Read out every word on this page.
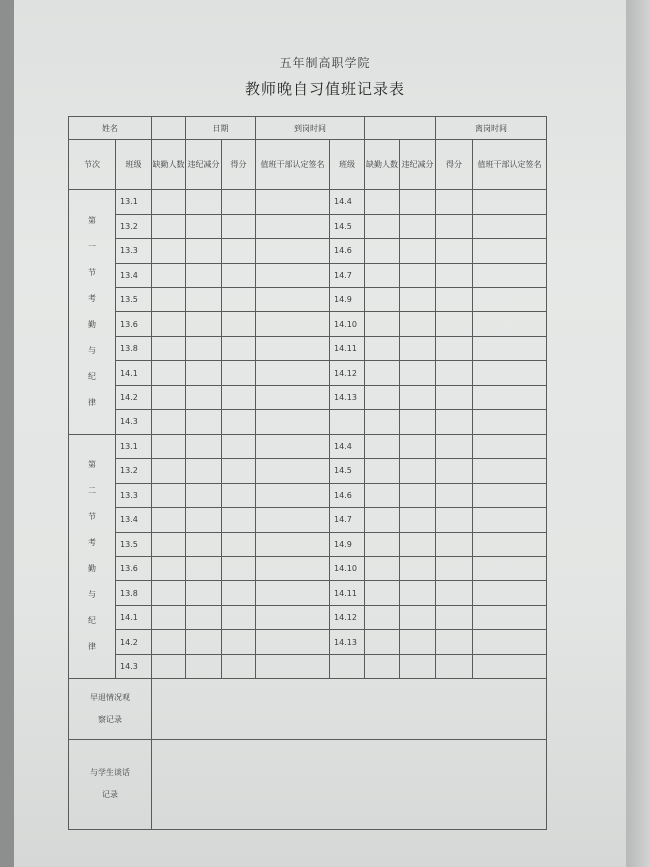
五年制高职学院
教师晚自习值班记录表
姓名			日期		到岗时间				离岗时间	
节次	班级	缺勤人数	违纪减分	得分	值班干部认定签名	班级	缺勤人数	违纪减分	得分	值班干部认定签名

第一节考勤与纪律	13.1					14.4				
	13.2					14.5				
	13.3					14.6				
	13.4					14.7				
	13.5					14.9				
	13.6					14.10				
	13.8					14.11				
	14.1					14.12				
	14.2					14.13				
	14.3									

第二节考勤与纪律	13.1					14.4				
	13.2					14.5				
	13.3					14.6				
	13.4					14.7				
	13.5					14.9				
	13.6					14.10				
	13.8					14.11				
	14.1					14.12				
	14.2					14.13				
	14.3									

早退情况观察记录										

与学生谈话记录										
